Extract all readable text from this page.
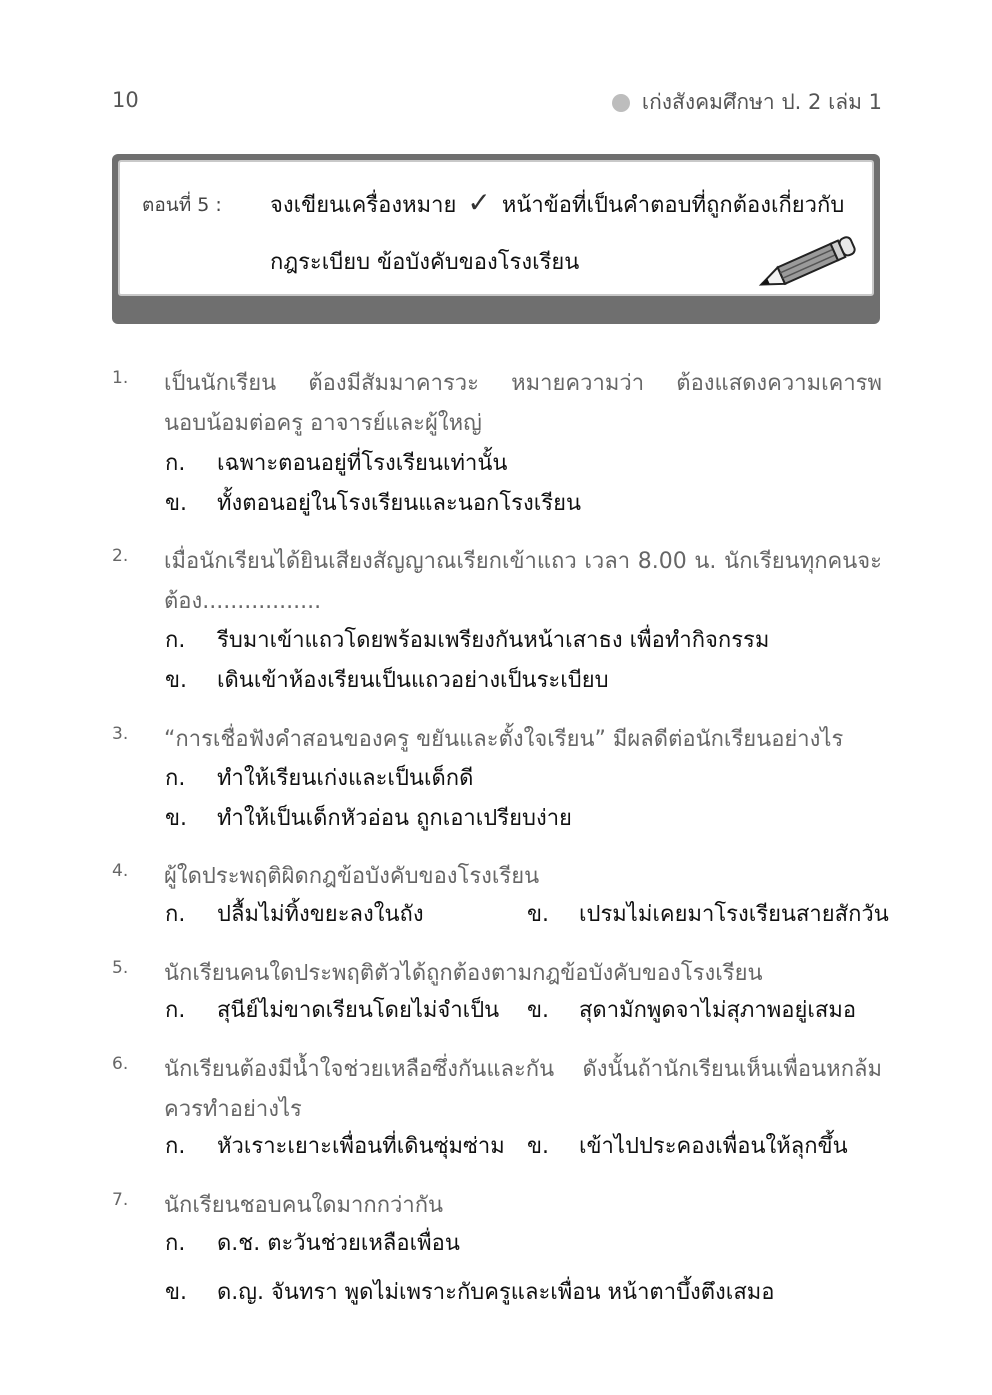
10	เก่งสังคมศึกษา ป. 2 เล่ม 1
ตอนที่ 5 : จงเขียนเครื่องหมาย ✓ หน้าข้อที่เป็นคำตอบที่ถูกต้องเกี่ยวกับ
กฎระเบียบ ข้อบังคับของโรงเรียน
1. เป็นนักเรียน ต้องมีสัมมาคารวะ หมายความว่า ต้องแสดงความเคารพนอบน้อมต่อครู อาจารย์และผู้ใหญ่
ก.	เฉพาะตอนอยู่ที่โรงเรียนเท่านั้น
ข.	ทั้งตอนอยู่ในโรงเรียนและนอกโรงเรียน
2. เมื่อนักเรียนได้ยินเสียงสัญญาณเรียกเข้าแถว เวลา 8.00 น. นักเรียนทุกคนจะต้อง.................
ก.	รีบมาเข้าแถวโดยพร้อมเพรียงกันหน้าเสาธง เพื่อทำกิจกรรม
ข.	เดินเข้าห้องเรียนเป็นแถวอย่างเป็นระเบียบ
3. “การเชื่อฟังคำสอนของครู ขยันและตั้งใจเรียน” มีผลดีต่อนักเรียนอย่างไร
ก.	ทำให้เรียนเก่งและเป็นเด็กดี
ข.	ทำให้เป็นเด็กหัวอ่อน ถูกเอาเปรียบง่าย
4. ผู้ใดประพฤติผิดกฎข้อบังคับของโรงเรียน
ก.	ปลื้มไม่ทิ้งขยะลงในถัง	ข.	เปรมไม่เคยมาโรงเรียนสายสักวัน
5. นักเรียนคนใดประพฤติตัวได้ถูกต้องตามกฎข้อบังคับของโรงเรียน
ก.	สุนีย์ไม่ขาดเรียนโดยไม่จำเป็น ข.	สุดามักพูดจาไม่สุภาพอยู่เสมอ
6. นักเรียนต้องมีน้ำใจช่วยเหลือซึ่งกันและกัน ดังนั้นถ้านักเรียนเห็นเพื่อนหกล้มควรทำอย่างไร
ก.	หัวเราะเยาะเพื่อนที่เดินซุ่มซ่าม ข.	เข้าไปประคองเพื่อนให้ลุกขึ้น
7. นักเรียนชอบคนใดมากกว่ากัน
ก.	ด.ช. ตะวันช่วยเหลือเพื่อน
ข.	ด.ญ. จันทรา พูดไม่เพราะกับครูและเพื่อน หน้าตาบึ้งตึงเสมอ
